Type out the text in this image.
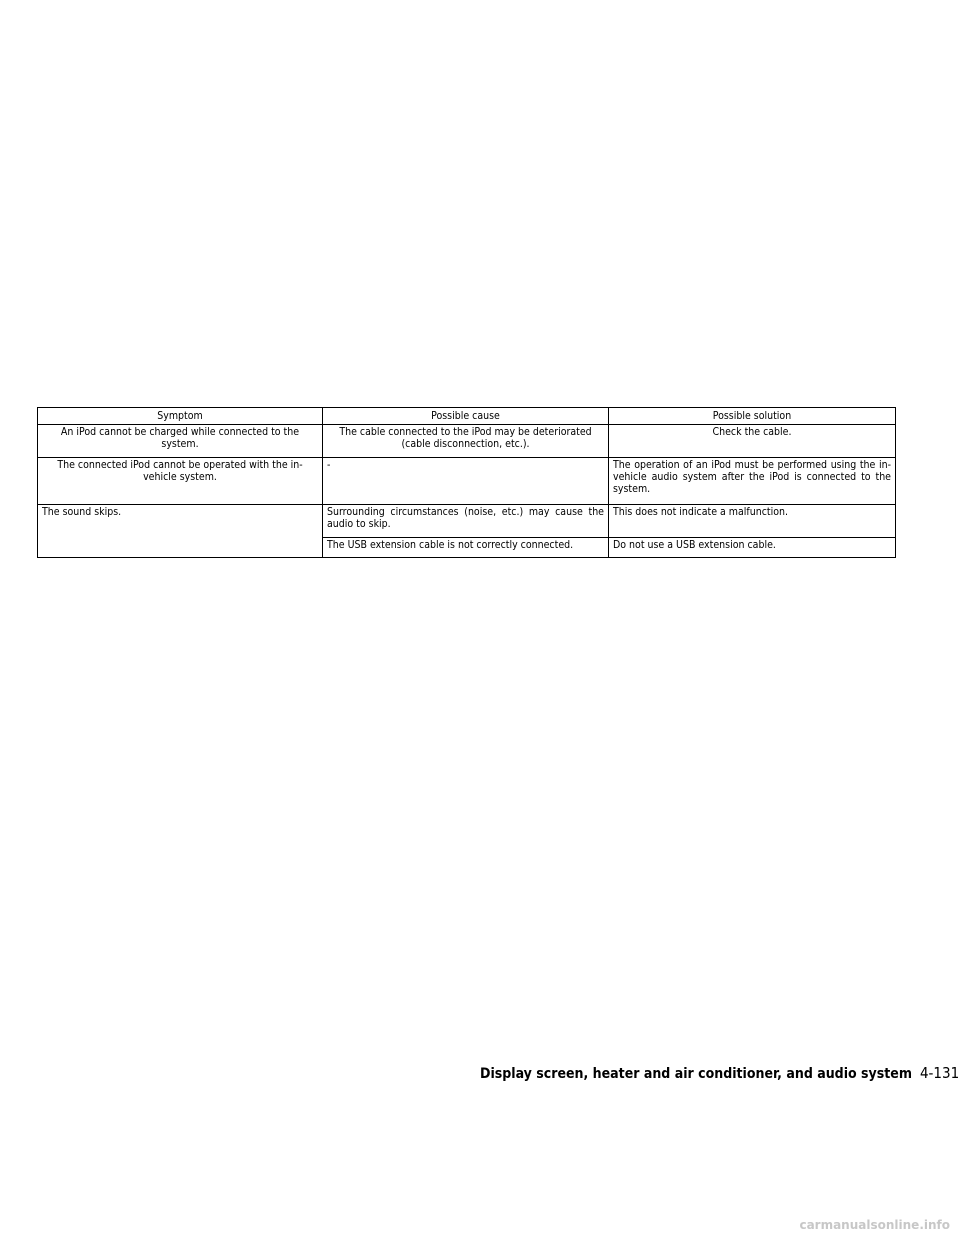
Symptom	Possible cause	Possible solution
An iPod cannot be charged while connected to the system.	The cable connected to the iPod may be deteriorated (cable disconnection, etc.).	Check the cable.
The connected iPod cannot be operated with the in-vehicle system.	-	The operation of an iPod must be performed using the in-vehicle audio system after the iPod is connected to the system.
The sound skips.	Surrounding circumstances (noise, etc.) may cause the audio to skip.	This does not indicate a malfunction.
	The USB extension cable is not correctly connected.	Do not use a USB extension cable.
Display screen, heater and air conditioner, and audio system 4-131
carmanualsonline.info
